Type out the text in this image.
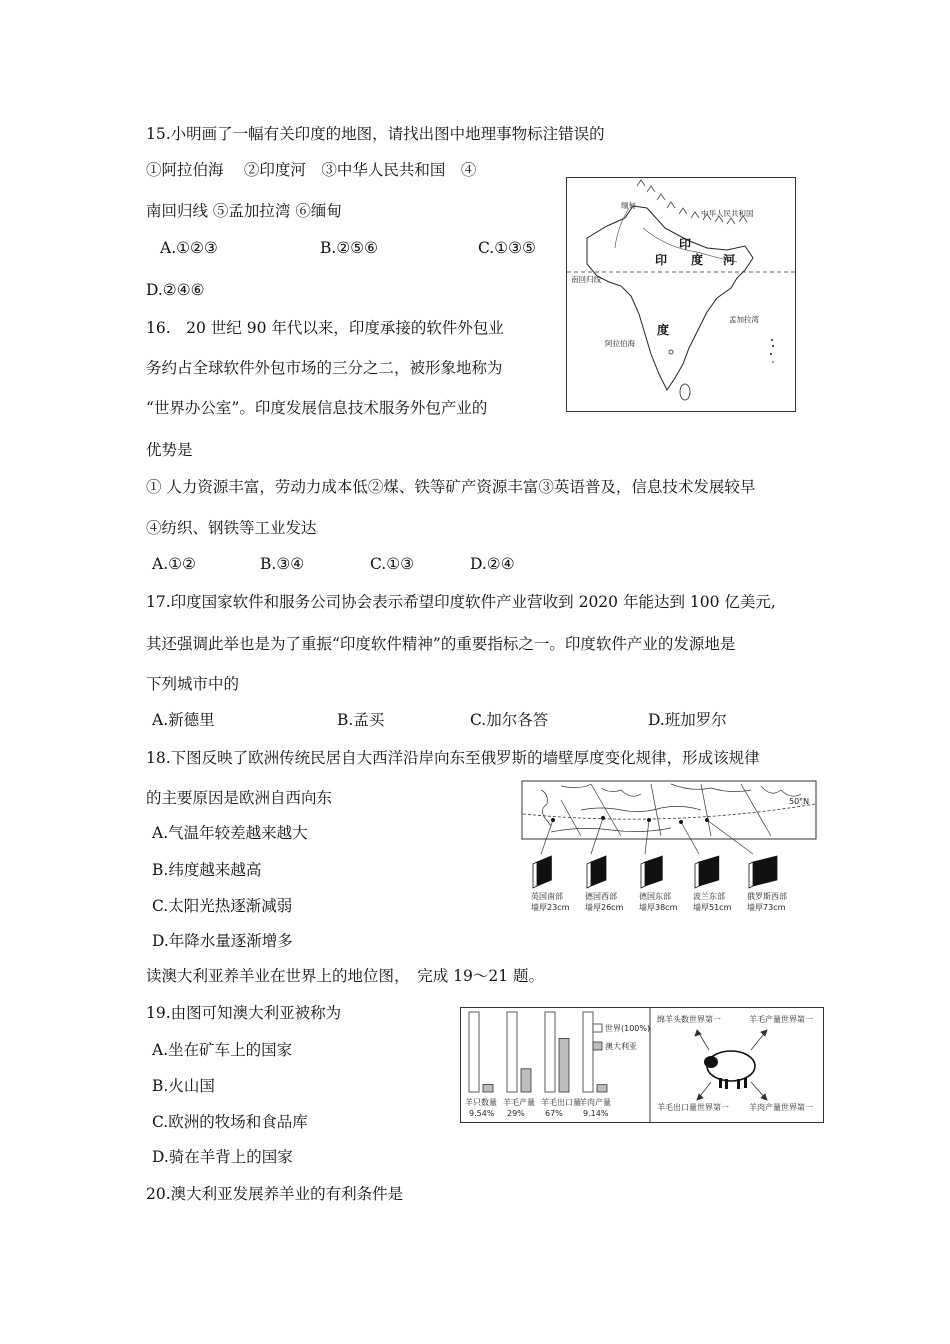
15.小明画了一幅有关印度的地图，请找出图中地理事物标注错误的
①阿拉伯海　 ②印度河　③中华人民共和国　④
南回归线 ⑤孟加拉湾 ⑥缅甸
A.①②③	B.②⑤⑥	C.①③⑤
D.②④⑥
缅甸
中华人民共和国
南回归线
孟加拉湾
阿拉伯海
印
印 度 河
度
16.　20 世纪 90 年代以来，印度承接的软件外包业
务约占全球软件外包市场的三分之二，被形象地称为
“世界办公室”。印度发展信息技术服务外包产业的
优势是
① 人力资源丰富，劳动力成本低②煤、铁等矿产资源丰富③英语普及，信息技术发展较早
④纺织、钢铁等工业发达
A.①②	B.③④	C.①③	D.②④
17.印度国家软件和服务公司协会表示希望印度软件产业营收到 2020 年能达到 100 亿美元,
其还强调此举也是为了重振“印度软件精神”的重要指标之一。印度软件产业的发源地是
下列城市中的
A.新德里	B.孟买	C.加尔各答	D.班加罗尔
18.下图反映了欧洲传统民居自大西洋沿岸向东至俄罗斯的墙壁厚度变化规律，形成该规律
的主要原因是欧洲自西向东
A.气温年较差越来越大
B.纬度越来越高
C.太阳光热逐渐减弱
D.年降水量逐渐增多
50°N
英国南部
墙厚23cm
德国西部
墙厚26cm
德国东部
墙厚38cm
波兰东部
墙厚51cm
俄罗斯西部
墙厚73cm
读澳大利亚养羊业在世界上的地位图，　完成 19～21 题。
19.由图可知澳大利亚被称为
A.坐在矿车上的国家
B.火山国
C.欧洲的牧场和食品库
D.骑在羊背上的国家
羊只数量
9.54%
羊毛产量
29%
羊毛出口量
67%
羊肉产量
9.14%
世界(100%)
澳大利亚
绵羊头数世界第一	羊毛产量世界第一
羊毛出口量世界第一	羊肉产量世界第一
20.澳大利亚发展养羊业的有利条件是
